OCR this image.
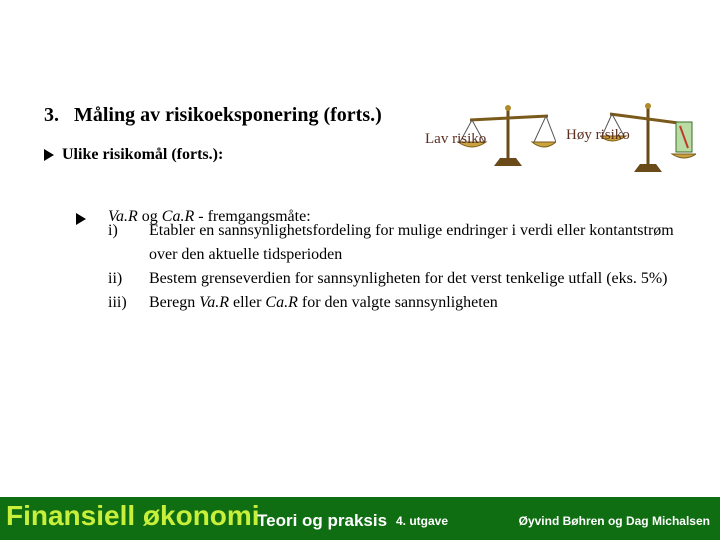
3. Måling av risikoeksponering (forts.)
Ulike risikomål (forts.):
Lav risiko	Høy risiko
Va.R og Ca.R - fremgangsmåte:
i)	Etabler en sannsynlighetsfordeling for mulige endringer i verdi eller kontantstrøm over den aktuelle tidsperioden
ii)	Bestem grenseverdien for sannsynligheten for det verst tenkelige utfall (eks. 5%)
iii)	Beregn Va.R eller Ca.R for den valgte sannsynligheten
Finansiell økonomi
Teori og praksis 4. utgave	Øyvind Bøhren og Dag Michalsen
